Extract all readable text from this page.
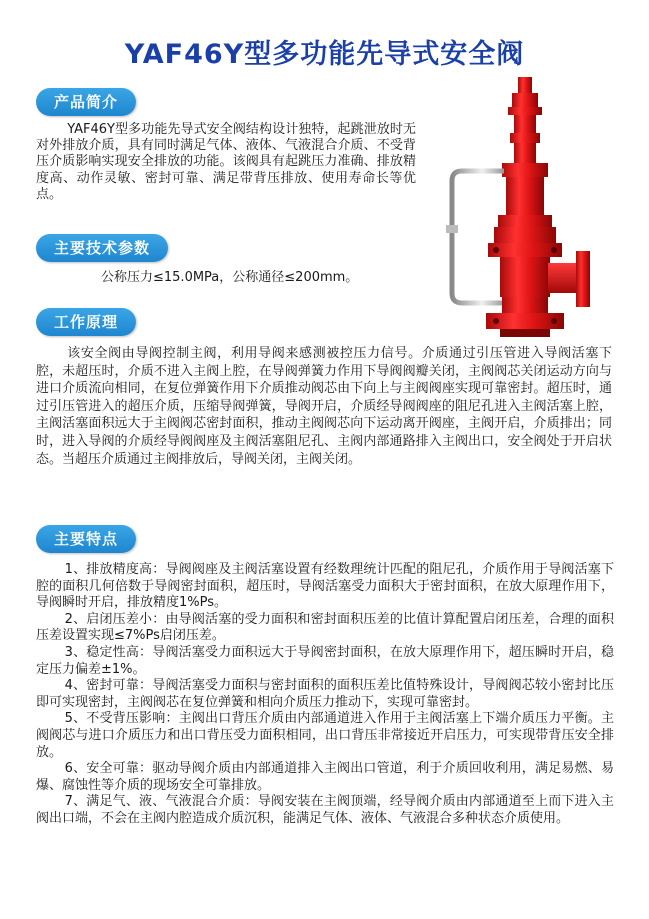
YAF46Y型多功能先导式安全阀
产品简介

YAF46Y型多功能先导式安全阀结构设计独特，起跳泄放时无对外排放介质，具有同时满足气体、液体、气液混合介质、不受背压介质影响实现安全排放的功能。该阀具有起跳压力准确、排放精度高、动作灵敏、密封可靠、满足带背压排放、使用寿命长等优点。

主要技术参数

公称压力≤15.0MPa，公称通径≤200mm。

工作原理

该安全阀由导阀控制主阀，利用导阀来感测被控压力信号。介质通过引压管进入导阀活塞下腔，未超压时，介质不进入主阀上腔，在导阀弹簧力作用下导阀阀瓣关闭，主阀阀芯关闭运动方向与进口介质流向相同，在复位弹簧作用下介质推动阀芯由下向上与主阀阀座实现可靠密封。超压时，通过引压管进入的超压介质，压缩导阀弹簧，导阀开启，介质经导阀阀座的阻尼孔进入主阀活塞上腔，主阀活塞面积远大于主阀阀芯密封面积，推动主阀阀芯向下运动离开阀座，主阀开启，介质排出；同时，进入导阀的介质经导阀阀座及主阀活塞阻尼孔、主阀内部通路排入主阀出口，安全阀处于开启状态。当超压介质通过主阀排放后，导阀关闭，主阀关闭。

主要特点

1、排放精度高：导阀阀座及主阀活塞设置有经数理统计匹配的阻尼孔，介质作用于导阀活塞下腔的面积几何倍数于导阀密封面积，超压时，导阀活塞受力面积大于密封面积，在放大原理作用下，导阀瞬时开启，排放精度1%Ps。

2、启闭压差小：由导阀活塞的受力面积和密封面积压差的比值计算配置启闭压差，合理的面积压差设置实现≤7%Ps启闭压差。

3、稳定性高：导阀活塞受力面积远大于导阀密封面积，在放大原理作用下，超压瞬时开启，稳定压力偏差±1%。

4、密封可靠：导阀活塞受力面积与密封面积的面积压差比值特殊设计，导阀阀芯较小密封比压即可实现密封，主阀阀芯在复位弹簧和相向介质压力推动下，实现可靠密封。

5、不受背压影响：主阀出口背压介质由内部通道进入作用于主阀活塞上下端介质压力平衡。主阀阀芯与进口介质压力和出口背压受力面积相同，出口背压非常接近开启压力，可实现带背压安全排放。

6、安全可靠：驱动导阀介质由内部通道排入主阀出口管道，利于介质回收利用，满足易燃、易爆、腐蚀性等介质的现场安全可靠排放。

7、满足气、液、气液混合介质：导阀安装在主阀顶端，经导阀介质由内部通道至上而下进入主阀出口端，不会在主阀内腔造成介质沉积，能满足气体、液体、气液混合多种状态介质使用。
